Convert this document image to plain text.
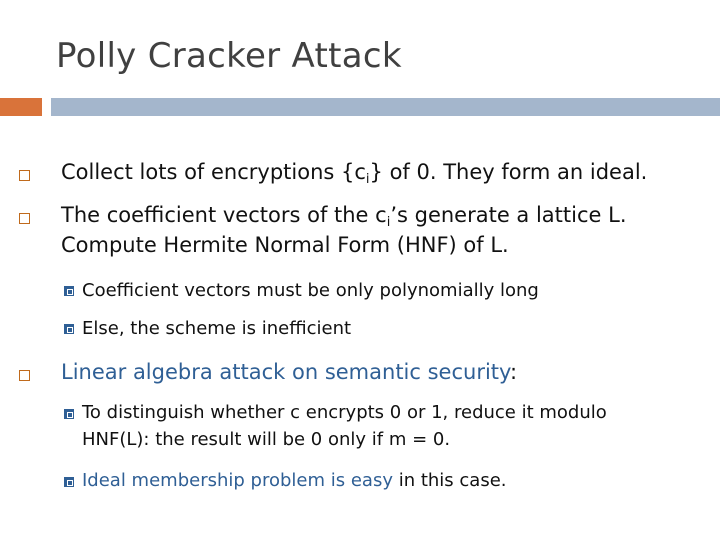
Polly Cracker Attack
Collect lots of encryptions $\{c_i\}$ of 0. They form an ideal.
The coefficient vectors of the $c_i’s$ generate a lattice L.
Compute Hermite Normal Form (HNF) of L.
Coefficient vectors must be only polynomially long
Else, the scheme is inefficient
Linear algebra attack on semantic security:
To distinguish whether c encrypts 0 or 1, reduce it modulo
HNF(L): the result will be 0 only if m = 0.
Ideal membership problem is easy in this case.
